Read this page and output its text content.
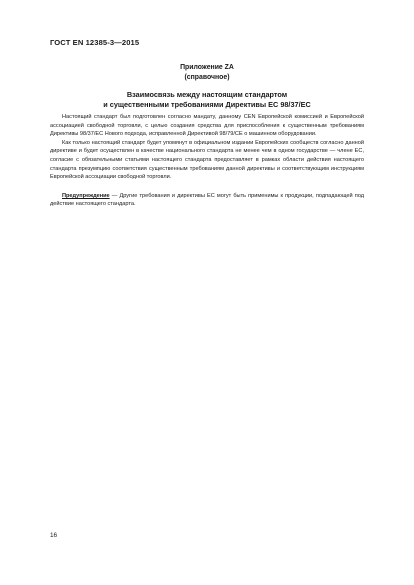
ГОСТ EN 12385-3—2015
Приложение ZA
(справочное)
Взаимосвязь между настоящим стандартом
и существенными требованиями Директивы ЕС 98/37/ЕС

Настоящий стандарт был подготовлен согласно мандату, данному CEN Европейской комиссией и Европейской ассоциацией свободной торговли, с целью создания средства для приспособления к существенным требованиям Директивы 98/37/ЕС Нового подхода, исправленной Директивой 98/79/СЕ о машинном оборудовании.

Как только настоящий стандарт будет упомянут в официальном издании Европейских сообществ согласно данной директиве и будет осуществлен в качестве национального стандарта не менее чем в одном государстве — члене ЕС, согласие с обязательными статьями настоящего стандарта предоставляет в рамках области действия настоящего стандарта презумпцию соответствия существенным требованиям данной директивы и соответствующим инструкциям Европейской ассоциации свободной торговли.

Предупреждение — Другие требования и директивы ЕС могут быть применимы к продукции, подпадающей под действие настоящего стандарта.

16
